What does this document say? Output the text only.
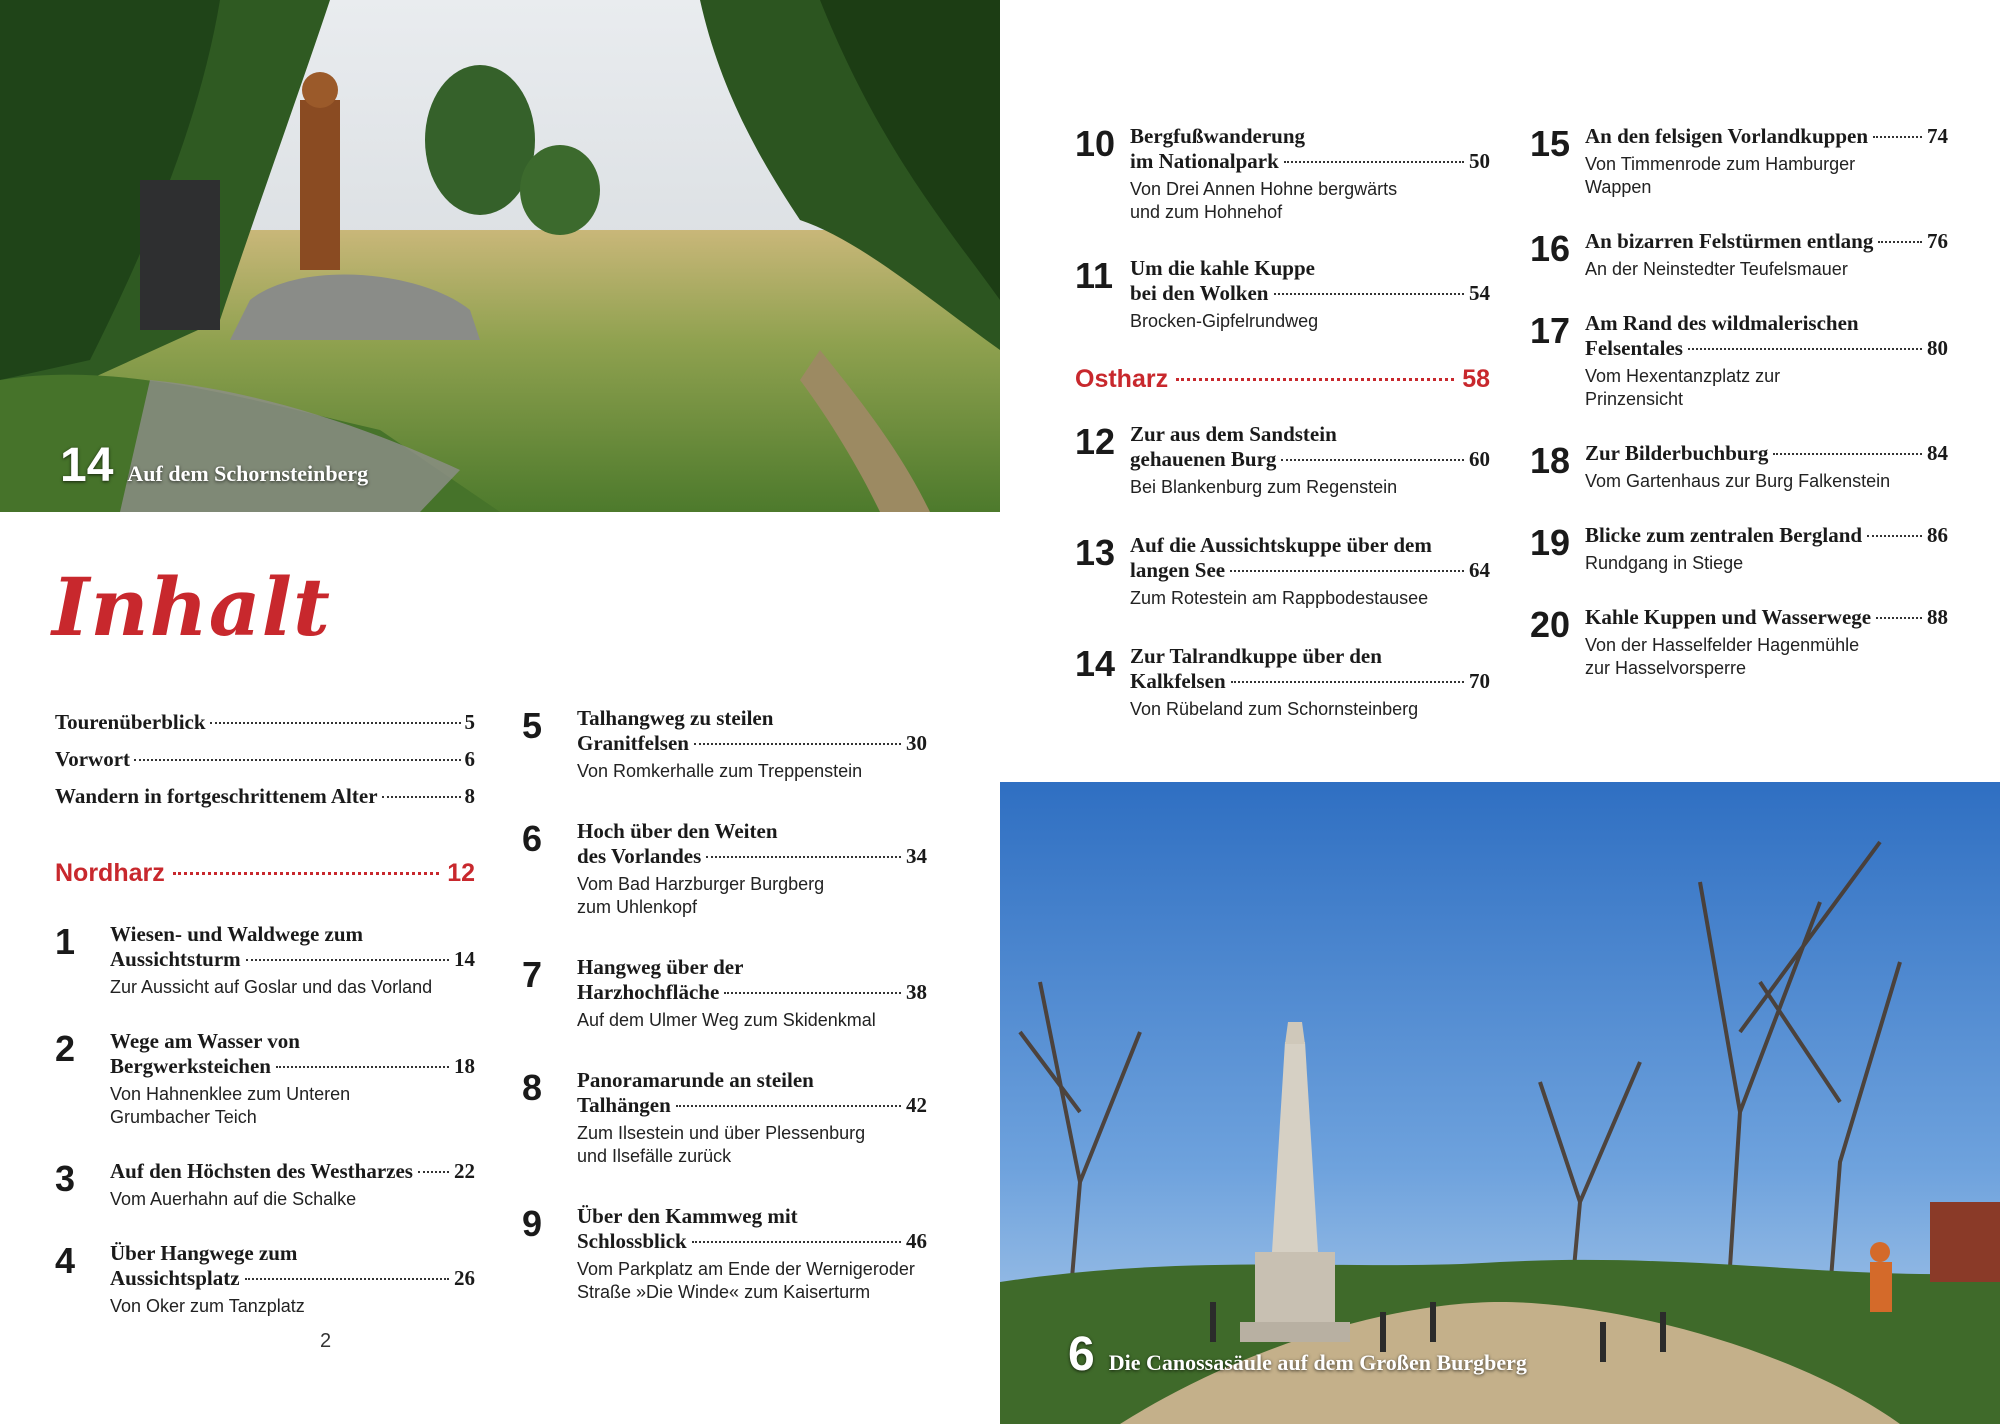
14 Auf dem Schornsteinberg
6 Die Canossasäule auf dem Großen Burgberg
Inhalt
Tourenüberblick	5
Vorwort	6
Wandern in fortgeschrittenem Alter	8
Nordharz	12
1	Wiesen- und Waldwege zum
Aussichtsturm	14
Zur Aussicht auf Goslar und das Vorland
2	Wege am Wasser von
Bergwerksteichen	18
Von Hahnenklee zum Unteren
Grumbacher Teich
3	Auf den Höchsten des Westharzes 22
Vom Auerhahn auf die Schalke
4	Über Hangwege zum
Aussichtsplatz	26
Von Oker zum Tanzplatz
5	Talhangweg zu steilen
Granitfelsen	30
Von Romkerhalle zum Treppenstein
6	Hoch über den Weiten
des Vorlandes	34
Vom Bad Harzburger Burgberg
zum Uhlenkopf
7	Hangweg über der
Harzhochfläche	38
Auf dem Ulmer Weg zum Skidenkmal
8	Panoramarunde an steilen
Talhängen	42
Zum Ilsestein und über Plessenburg
und Ilsefälle zurück
9	Über den Kammweg mit
Schlossblick	46
Vom Parkplatz am Ende der Wernigeroder
Straße »Die Winde« zum Kaiserturm
10 Bergfußwanderung
im Nationalpark	50
Von Drei Annen Hohne bergwärts
und zum Hohnehof
11 Um die kahle Kuppe
bei den Wolken	54
Brocken-Gipfelrundweg
Ostharz	58
12 Zur aus dem Sandstein
gehauenen Burg	60
Bei Blankenburg zum Regenstein
13 Auf die Aussichtskuppe über dem
langen See	64
Zum Rotestein am Rappbodestausee
14 Zur Talrandkuppe über den
Kalkfelsen	70
Von Rübeland zum Schornsteinberg
15 An den felsigen Vorlandkuppen	74
Von Timmenrode zum Hamburger
Wappen
16 An bizarren Felstürmen entlang	76
An der Neinstedter Teufelsmauer
17 Am Rand des wildmalerischen
Felsentales	80
Vom Hexentanzplatz zur
Prinzensicht
18 Zur Bilderbuchburg	84
Vom Gartenhaus zur Burg Falkenstein
19 Blicke zum zentralen Bergland	86
Rundgang in Stiege
20 Kahle Kuppen und Wasserwege	88
Von der Hasselfelder Hagenmühle
zur Hasselvorsperre
2
